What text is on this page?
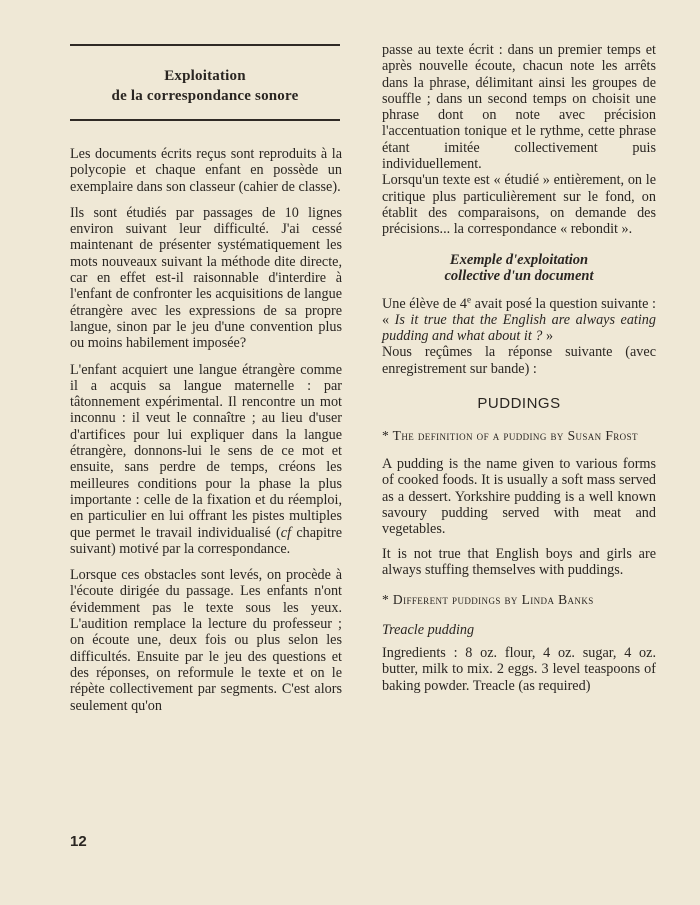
Exploitation
de la correspondance sonore

Les documents écrits reçus sont reproduits à la polycopie et chaque enfant en possède un exemplaire dans son classeur (cahier de classe).

Ils sont étudiés par passages de 10 lignes environ suivant leur difficulté. J'ai cessé maintenant de présenter systématiquement les mots nouveaux suivant la méthode dite directe, car en effet est-il raisonnable d'interdire à l'enfant de confronter les acquisitions de langue étrangère avec les expressions de sa propre langue, sinon par le jeu d'une convention plus ou moins habilement imposée?

L'enfant acquiert une langue étrangère comme il a acquis sa langue maternelle : par tâtonnement expérimental. Il rencontre un mot inconnu : il veut le connaître ; au lieu d'user d'artifices pour lui expliquer dans la langue étrangère, donnons-lui le sens de ce mot et ensuite, sans perdre de temps, créons les meilleures conditions pour la phase la plus importante : celle de la fixation et du réemploi, en particulier en lui offrant les pistes multiples que permet le travail individualisé (cf chapitre suivant) motivé par la correspondance.

Lorsque ces obstacles sont levés, on procède à l'écoute dirigée du passage. Les enfants n'ont évidemment pas le texte sous les yeux. L'audition remplace la lecture du professeur ; on écoute une, deux fois ou plus selon les difficultés. Ensuite par le jeu des questions et des réponses, on reformule le texte et on le répète collectivement par segments. C'est alors seulement qu'on

passe au texte écrit : dans un premier temps et après nouvelle écoute, chacun note les arrêts dans la phrase, délimitant ainsi les groupes de souffle ; dans un second temps on choisit une phrase dont on note avec précision l'accentuation tonique et le rythme, cette phrase étant imitée collectivement puis individuellement.

Lorsqu'un texte est « étudié » entièrement, on le critique plus particulièrement sur le fond, on établit des comparaisons, on demande des précisions... la correspondance « rebondit ».

Exemple d'exploitation
collective d'un document

Une élève de 4e avait posé la question suivante : « Is it true that the English are always eating pudding and what about it ? »

Nous reçûmes la réponse suivante (avec enregistrement sur bande) :

PUDDINGS

* The definition of a pudding by Susan Frost

A pudding is the name given to various forms of cooked foods. It is usually a soft mass served as a dessert. Yorkshire pudding is a well known savoury pudding served with meat and vegetables.

It is not true that English boys and girls are always stuffing themselves with puddings.

* Different puddings by Linda Banks

Treacle pudding

Ingredients : 8 oz. flour, 4 oz. sugar, 4 oz. butter, milk to mix. 2 eggs. 3 level teaspoons of baking powder. Treacle (as required)

12
